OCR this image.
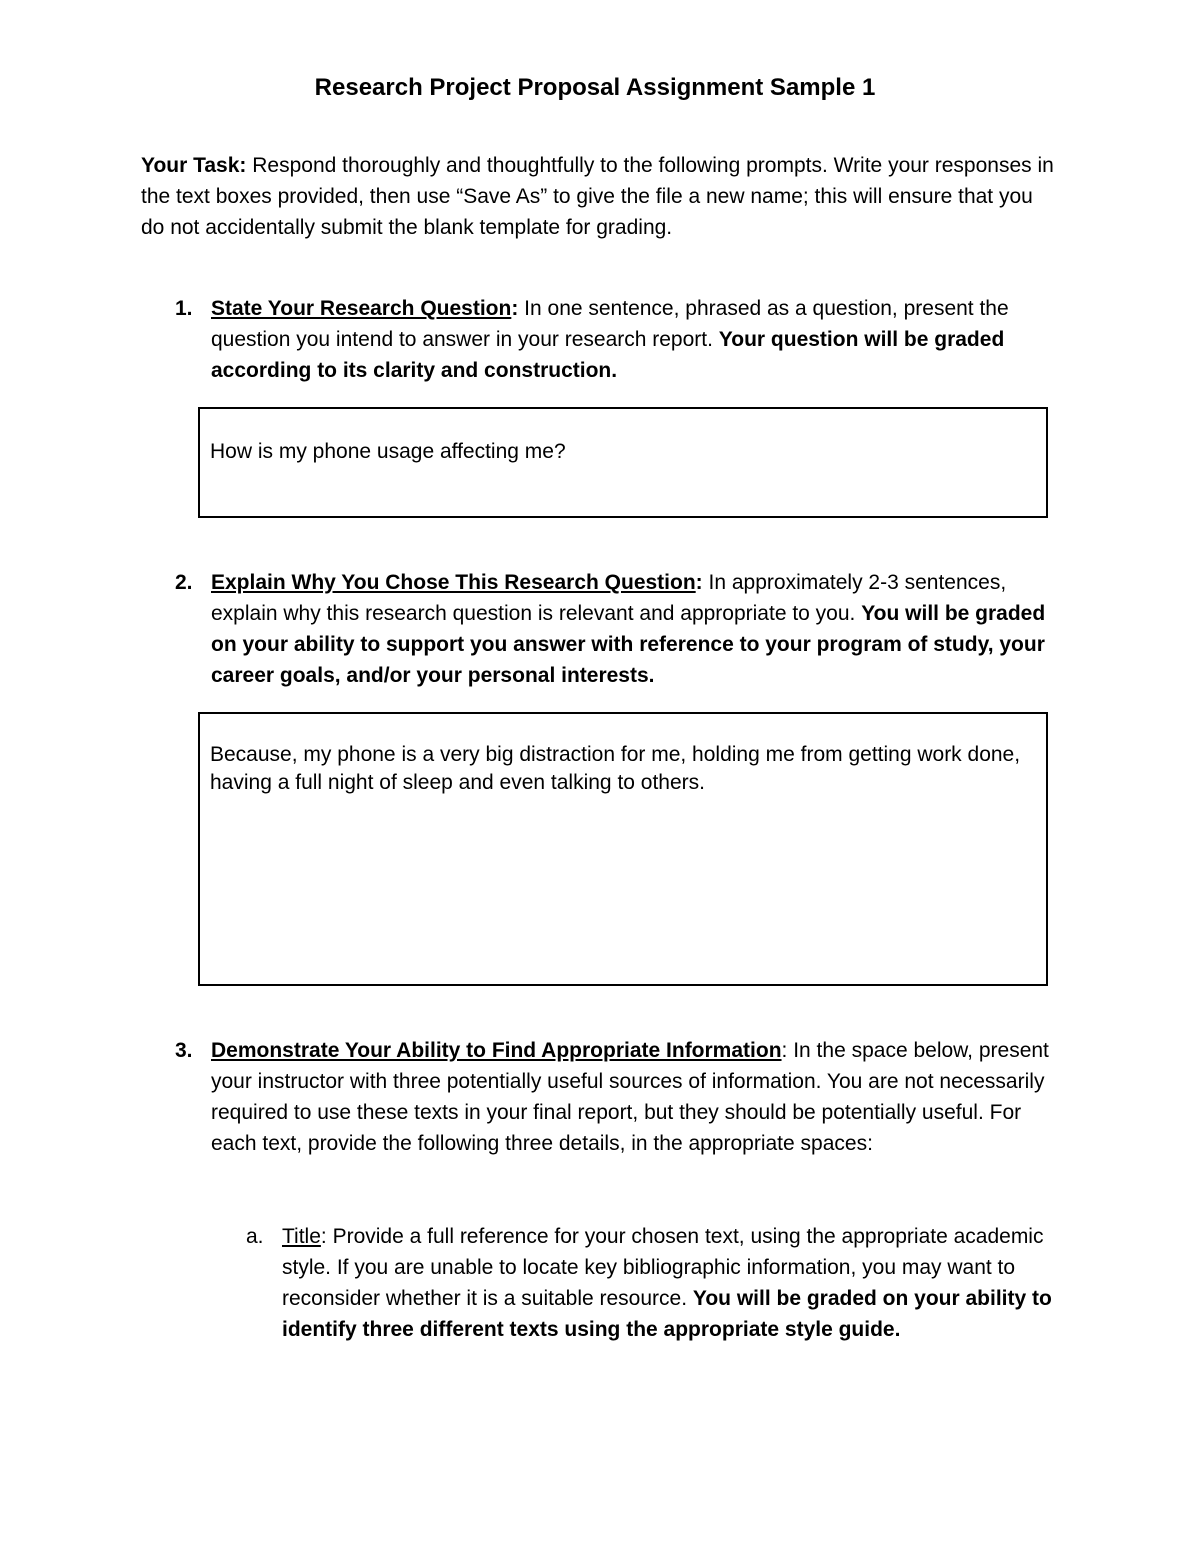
Research Project Proposal Assignment Sample 1
Your Task: Respond thoroughly and thoughtfully to the following prompts. Write your responses in the text boxes provided, then use “Save As” to give the file a new name; this will ensure that you do not accidentally submit the blank template for grading.
1. State Your Research Question: In one sentence, phrased as a question, present the question you intend to answer in your research report. Your question will be graded according to its clarity and construction.
How is my phone usage affecting me?
2. Explain Why You Chose This Research Question: In approximately 2-3 sentences, explain why this research question is relevant and appropriate to you. You will be graded on your ability to support you answer with reference to your program of study, your career goals, and/or your personal interests.
Because, my phone is a very big distraction for me, holding me from getting work done, having a full night of sleep and even talking to others.
3. Demonstrate Your Ability to Find Appropriate Information: In the space below, present your instructor with three potentially useful sources of information. You are not necessarily required to use these texts in your final report, but they should be potentially useful. For each text, provide the following three details, in the appropriate spaces:
a. Title: Provide a full reference for your chosen text, using the appropriate academic style. If you are unable to locate key bibliographic information, you may want to reconsider whether it is a suitable resource. You will be graded on your ability to identify three different texts using the appropriate style guide.
